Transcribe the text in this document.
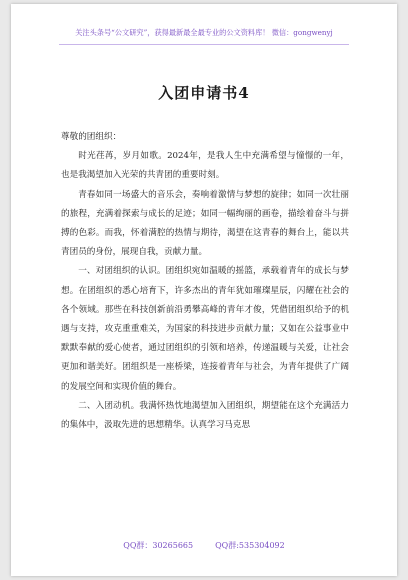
关注头条号“公文研究”，获得最新最全最专业的公文资料库！ 微信：gongwenyj
入团申请书4

尊敬的团组织：

时光荏苒，岁月如歌。2024年，是我人生中充满希望与憧憬的一年，也是我渴望加入光荣的共青团的重要时刻。

青春如同一场盛大的音乐会，奏响着激情与梦想的旋律；如同一次壮丽的旅程，充满着探索与成长的足迹；如同一幅绚丽的画卷，描绘着奋斗与拼搏的色彩。而我，怀着满腔的热情与期待，渴望在这青春的舞台上，能以共青团员的身份，展现自我，贡献力量。

一、对团组织的认识。团组织宛如温暖的摇篮，承载着青年的成长与梦想。在团组织的悉心培育下，许多杰出的青年犹如璀璨星辰，闪耀在社会的各个领域。那些在科技创新前沿勇攀高峰的青年才俊，凭借团组织给予的机遇与支持，攻克重重难关，为国家的科技进步贡献力量；又如在公益事业中默默奉献的爱心使者，通过团组织的引领和培养，传递温暖与关爱，让社会更加和谐美好。团组织是一座桥梁，连接着青年与社会，为青年提供了广阔的发展空间和实现价值的舞台。

二、入团动机。我满怀热忱地渴望加入团组织，期望能在这个充满活力的集体中，汲取先进的思想精华。认真学习马克思

QQ群：30265665	QQ群:535304092
